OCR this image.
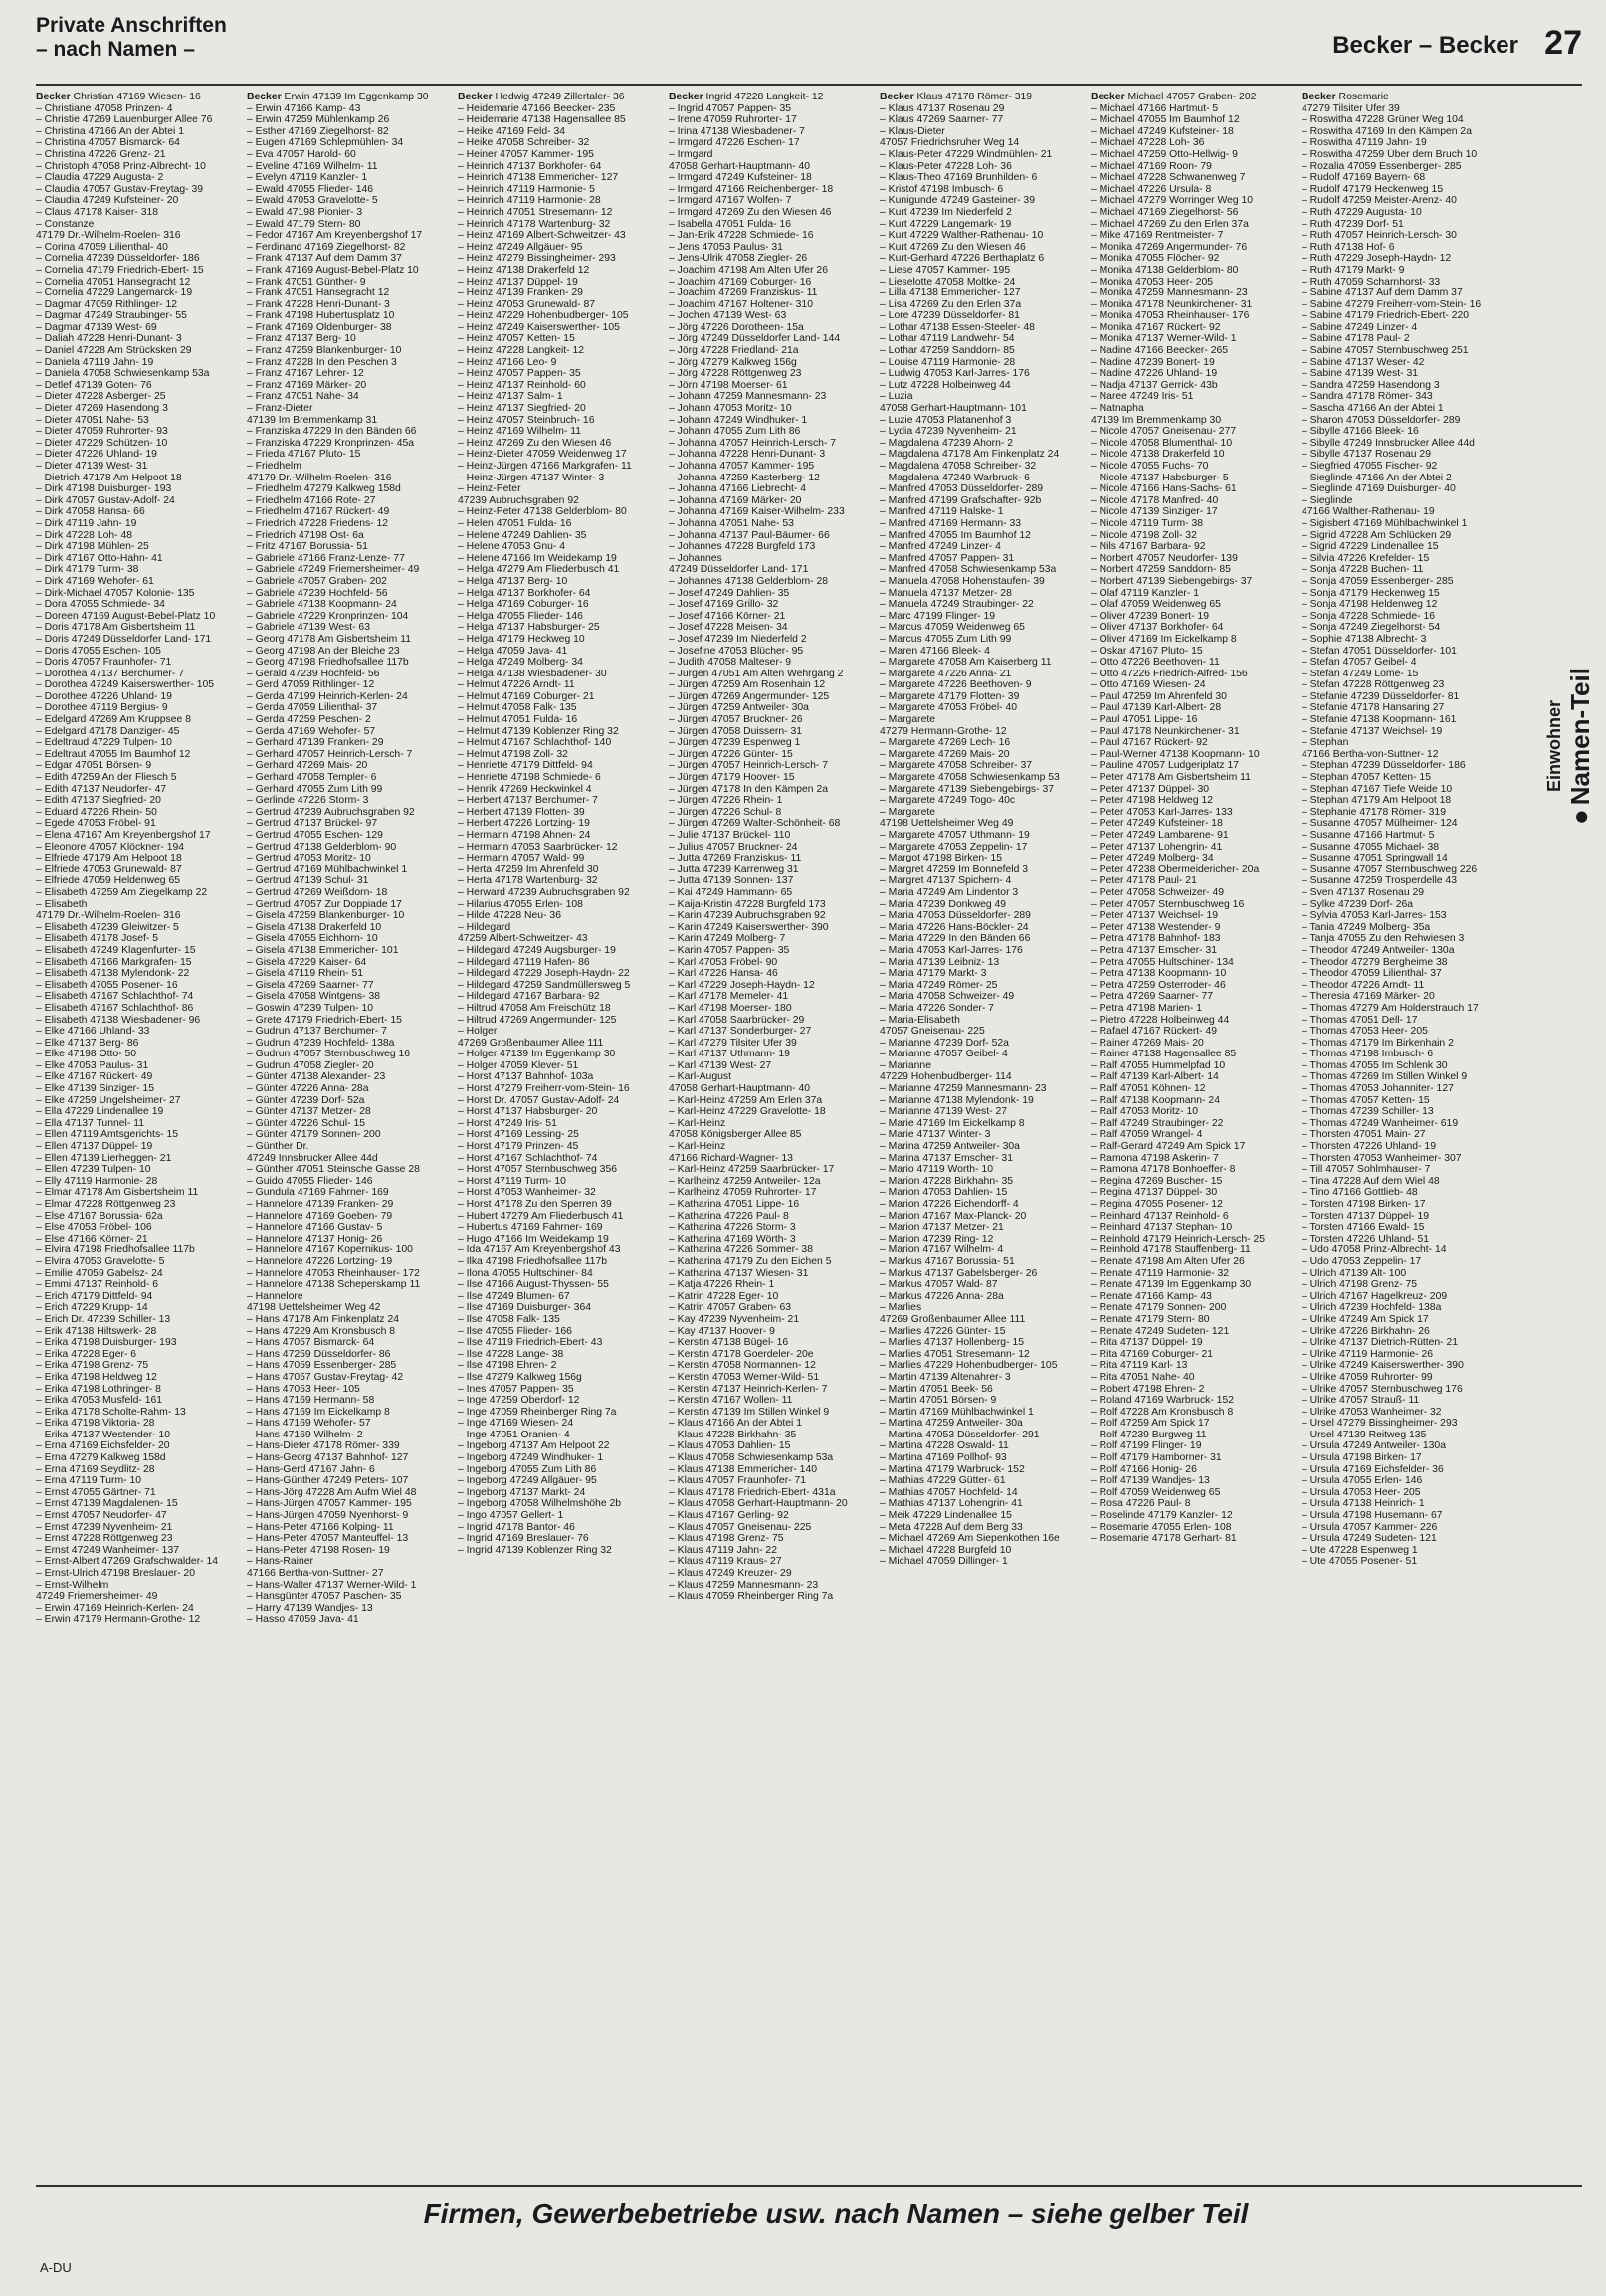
Private Anschriften
– nach Namen –	Becker – Becker 27
Becker Christian 47169 Wiesen- 16
– Christiane 47058 Prinzen- 4
– Christie 47269 Lauenburger Allee 76
– Christina 47166 An der Abtei 1
– Christina 47057 Bismarck- 64
– Christina 47226 Grenz- 21
– Christoph 47058 Prinz-Albrecht- 10
– Claudia 47229 Augusta- 2
– Claudia 47057 Gustav-Freytag- 39
– Claudia 47249 Kufsteiner- 20
– Claus 47178 Kaiser- 318
– Constanze
47179 Dr.-Wilhelm-Roelen- 316
– Corina 47059 Lilienthal- 40
– Cornelia 47239 Düsseldorfer- 186
– Cornelia 47179 Friedrich-Ebert- 15
– Cornelia 47051 Hansegracht 12
– Cornelia 47229 Langemarck- 19
– Dagmar 47059 Rithlinger- 12
– Dagmar 47249 Straubinger- 55
– Dagmar 47139 West- 69
– Daliah 47228 Henri-Dunant- 3
– Daniel 47228 Am Strücksken 29
– Daniela 47119 Jahn- 19
– Daniela 47058 Schwiesenkamp 53a
– Detlef 47139 Goten- 76
– Dieter 47228 Asberger- 25
– Dieter 47269 Hasendong 3
– Dieter 47051 Nahe- 53
– Dieter 47059 Ruhrorter- 93
– Dieter 47229 Schützen- 10
– Dieter 47226 Uhland- 19
– Dieter 47139 West- 31
– Dietrich 47178 Am Helpoot 18
– Dirk 47198 Duisburger- 193
– Dirk 47057 Gustav-Adolf- 24
– Dirk 47058 Hansa- 66
– Dirk 47119 Jahn- 19
– Dirk 47228 Loh- 48
– Dirk 47198 Mühlen- 25
– Dirk 47167 Otto-Hahn- 41
– Dirk 47179 Turm- 38
– Dirk 47169 Wehofer- 61
– Dirk-Michael 47057 Kolonie- 135
– Dora 47055 Schmiede- 34
– Doreen 47169 August-Bebel-Platz 10
– Doris 47178 Am Gisbertsheim 11
– Doris 47249 Düsseldorfer Land- 171
– Doris 47055 Eschen- 105
– Doris 47057 Fraunhofer- 71
– Dorothea 47137 Berchumer- 7
– Dorothea 47249 Kaiserswerther- 105
– Dorothee 47226 Uhland- 19
– Dorothee 47119 Bergius- 9
– Edelgard 47269 Am Kruppsee 8
– Edelgard 47178 Danziger- 45
– Edeltraud 47229 Tulpen- 10
– Edeltraut 47055 Im Baumhof 12
– Edgar 47051 Börsen- 9
– Edith 47259 An der Fliesch 5
– Edith 47137 Neudorfer- 47
– Edith 47137 Siegfried- 20
– Eduard 47226 Rhein- 50
– Egede 47053 Fröbel- 91
– Elena 47167 Am Kreyenbergshof 17
– Eleonore 47057 Klöckner- 194
– Elfriede 47179 Am Helpoot 18
– Elfriede 47053 Grunewald- 87
– Elfriede 47059 Heldenweg 65
– Elisabeth 47259 Am Ziegelkamp 22
– Elisabeth
47179 Dr.-Wilhelm-Roelen- 316
– Elisabeth 47239 Gleiwitzer- 5
– Elisabeth 47178 Josef- 5
– Elisabeth 47249 Klagenfurter- 15
– Elisabeth 47166 Markgrafen- 15
– Elisabeth 47138 Mylendonk- 22
– Elisabeth 47055 Posener- 16
– Elisabeth 47167 Schlachthof- 74
– Elisabeth 47167 Schlachthof- 86
– Elisabeth 47138 Wiesbadener- 96
– Elke 47166 Uhland- 33
– Elke 47137 Berg- 86
– Elke 47198 Otto- 50
– Elke 47053 Paulus- 31
– Elke 47167 Rückert- 49
– Elke 47139 Sinziger- 15
– Elke 47259 Ungelsheimer- 27
– Ella 47229 Lindenallee 19
– Ella 47137 Tunnel- 11
– Ellen 47119 Amtsgerichts- 15
– Ellen 47137 Düppel- 19
– Ellen 47139 Lierheggen- 21
– Ellen 47239 Tulpen- 10
– Elly 47119 Harmonie- 28
– Elmar 47178 Am Gisbertsheim 11
– Elmar 47228 Röttgenweg 23
– Else 47167 Borussia- 62a
– Else 47053 Fröbel- 106
– Else 47166 Körner- 21
– Elvira 47198 Friedhofsallee 117b
– Elvira 47053 Gravelotte- 5
– Emilie 47059 Gabelsz- 24
– Emmi 47137 Reinhold- 6
– Erich 47179 Dittfeld- 94
– Erich 47229 Krupp- 14
– Erich Dr. 47239 Schiller- 13
– Erik 47138 Hiltswerk- 28
– Erika 47198 Duisburger- 193
– Erika 47228 Eger- 6
– Erika 47198 Grenz- 75
– Erika 47198 Heldweg 12
– Erika 47198 Lothringer- 8
– Erika 47053 Musfeld- 161
– Erika 47178 Scholte-Rahm- 13
– Erika 47198 Viktoria- 28
– Erika 47137 Westender- 10
– Erna 47169 Eichsfelder- 20
– Erna 47279 Kalkweg 158d
– Erna 47169 Seydlitz- 28
– Erna 47119 Turm- 10
– Ernst 47055 Gärtner- 71
– Ernst 47139 Magdalenen- 15
– Ernst 47057 Neudorfer- 47
– Ernst 47239 Nyvenheim- 21
– Ernst 47228 Röttgenweg 23
– Ernst 47249 Wanheimer- 137
– Ernst-Albert 47269 Grafschwalder- 14
– Ernst-Ulrich 47198 Breslauer- 20
– Ernst-Wilhelm
47249 Friemersheimer- 49
– Erwin 47169 Heinrich-Kerlen- 24
– Erwin 47179 Hermann-Grothe- 12
Becker Erwin 47139 Im Eggenkamp 30
– Erwin 47166 Kamp- 43
– Erwin 47259 Mühlenkamp 26
– Esther 47169 Ziegelhorst- 82
– Eugen 47169 Schlepmühlen- 34
– Eva 47057 Harold- 60
– Eveline 47169 Wilhelm- 11
– Evelyn 47119 Kanzler- 1
– Ewald 47055 Flieder- 146
– Ewald 47053 Gravelotte- 5
– Ewald 47198 Pionier- 3
– Ewald 47179 Stern- 80
– Fedor 47167 Am Kreyenbergshof 17
– Ferdinand 47169 Ziegelhorst- 82
– Frank 47137 Auf dem Damm 37
– Frank 47169 August-Bebel-Platz 10
– Frank 47051 Günther- 9
– Frank 47051 Hansegracht 12
– Frank 47228 Henri-Dunant- 3
– Frank 47198 Hubertusplatz 10
– Frank 47169 Oldenburger- 38
– Franz 47137 Berg- 10
– Franz 47259 Blankenburger- 10
– Franz 47228 In den Peschen 3
– Franz 47167 Lehrer- 12
– Franz 47169 Märker- 20
– Franz 47051 Nahe- 34
– Franz-Dieter
47139 Im Bremmenkamp 31
– Franziska 47229 In den Bänden 66
– Franziska 47229 Kronprinzen- 45a
– Frieda 47167 Pluto- 15
– Friedhelm
47179 Dr.-Wilhelm-Roelen- 316
– Friedhelm 47279 Kalkweg 158d
– Friedhelm 47166 Rote- 27
– Friedhelm 47167 Rückert- 49
– Friedrich 47228 Friedens- 12
– Friedrich 47198 Ost- 6a
– Fritz 47167 Borussia- 51
– Gabriele 47166 Franz-Lenze- 77
– Gabriele 47249 Friemersheimer- 49
– Gabriele 47057 Graben- 202
– Gabriele 47239 Hochfeld- 56
– Gabriele 47138 Koopmann- 24
– Gabriele 47229 Kronprinzen- 104
– Gabriele 47139 West- 63
– Georg 47178 Am Gisbertsheim 11
– Georg 47198 An der Bleiche 23
– Georg 47198 Friedhofsallee 117b
– Gerald 47239 Hochfeld- 56
– Gerd 47059 Rithlinger- 12
– Gerda 47199 Heinrich-Kerlen- 24
– Gerda 47059 Lilienthal- 37
– Gerda 47259 Peschen- 2
– Gerda 47169 Wehofer- 57
– Gerhard 47139 Franken- 29
– Gerhard 47057 Heinrich-Lersch- 7
– Gerhard 47269 Mais- 20
– Gerhard 47058 Templer- 6
– Gerhard 47055 Zum Lith 99
– Gerlinde 47226 Storm- 3
– Gertrud 47239 Aubruchsgraben 92
– Gertrud 47137 Brückel- 97
– Gertrud 47055 Eschen- 129
– Gertrud 47138 Gelderblom- 90
– Gertrud 47053 Moritz- 10
– Gertrud 47169 Mühlbachwinkel 1
– Gertrud 47139 Schul- 31
– Gertrud 47269 Weißdorn- 18
– Gertrud 47057 Zur Doppiade 17
– Gisela 47259 Blankenburger- 10
– Gisela 47138 Drakerfeld 10
– Gisela 47055 Eichhorn- 10
– Gisela 47138 Emmericher- 101
– Gisela 47229 Kaiser- 64
– Gisela 47119 Rhein- 51
– Gisela 47269 Saarner- 77
– Gisela 47058 Wintgens- 38
– Goswin 47239 Tulpen- 10
– Grete 47179 Friedrich-Ebert- 15
– Gudrun 47137 Berchumer- 7
– Gudrun 47239 Hochfeld- 138a
– Gudrun 47057 Sternbuschweg 16
– Gudrun 47058 Ziegler- 20
– Günter 47138 Alexander- 23
– Günter 47226 Anna- 28a
– Günter 47239 Dorf- 52a
– Günter 47137 Metzer- 28
– Günter 47226 Schul- 15
– Günter 47179 Sonnen- 200
– Günther Dr.
47249 Innsbrucker Allee 44d
– Günther 47051 Steinsche Gasse 28
– Guido 47055 Flieder- 146
– Gundula 47169 Fahrner- 169
– Hannelore 47139 Franken- 29
– Hannelore 47169 Goeben- 79
– Hannelore 47166 Gustav- 5
– Hannelore 47137 Honig- 26
– Hannelore 47167 Kopernikus- 100
– Hannelore 47226 Lortzing- 19
– Hannelore 47053 Rheinhauser- 172
– Hannelore 47138 Scheperskamp 11
– Hannelore
47198 Uettelsheimer Weg 42
– Hans 47178 Am Finkenplatz 24
– Hans 47229 Am Kronsbusch 8
– Hans 47057 Bismarck- 64
– Hans 47259 Düsseldorfer- 86
– Hans 47059 Essenberger- 285
– Hans 47057 Gustav-Freytag- 42
– Hans 47053 Heer- 105
– Hans 47169 Hermann- 58
– Hans 47169 Im Eickelkamp 8
– Hans 47169 Wehofer- 57
– Hans 47169 Wilhelm- 2
– Hans-Dieter 47178 Römer- 339
– Hans-Georg 47137 Bahnhof- 127
– Hans-Gerd 47167 Jahn- 6
– Hans-Günther 47249 Peters- 107
– Hans-Jörg 47228 Am Aufm Wiel 48
– Hans-Jürgen 47057 Kammer- 195
– Hans-Jürgen 47059 Nyenhorst- 9
– Hans-Peter 47166 Kolping- 11
– Hans-Peter 47057 Manteuffel- 13
– Hans-Peter 47198 Rosen- 19
– Hans-Rainer
47166 Bertha-von-Suttner- 27
– Hans-Walter 47137 Werner-Wild- 1
– Hansgünter 47057 Paschen- 35
– Harry 47139 Wandjes- 13
– Hasso 47059 Java- 41
Becker Hedwig 47249 Zillertaler- 36
– Heidemarie 47166 Beecker- 235
– Heidemarie 47138 Hagensallee 85
– Heike 47169 Feld- 34
– Heike 47058 Schreiber- 32
– Heiner 47057 Kammer- 195
– Heinrich 47137 Borkhofer- 64
– Heinrich 47138 Emmericher- 127
– Heinrich 47119 Harmonie- 5
– Heinrich 47119 Harmonie- 28
– Heinrich 47051 Stresemann- 12
– Heinrich 47178 Wartenburg- 32
– Heinz 47169 Albert-Schweitzer- 43
– Heinz 47249 Allgäuer- 95
– Heinz 47279 Bissingheimer- 293
– Heinz 47138 Drakerfeld 12
– Heinz 47137 Düppel- 19
– Heinz 47139 Franken- 29
– Heinz 47053 Grunewald- 87
– Heinz 47229 Hohenbudberger- 105
– Heinz 47249 Kaiserswerther- 105
– Heinz 47057 Ketten- 15
– Heinz 47228 Langkeit- 12
– Heinz 47166 Leo- 9
– Heinz 47057 Pappen- 35
– Heinz 47137 Reinhold- 60
– Heinz 47137 Salm- 1
– Heinz 47137 Siegfried- 20
– Heinz 47057 Steinbruch- 16
– Heinz 47169 Wilhelm- 11
– Heinz 47269 Zu den Wiesen 46
– Heinz-Dieter 47059 Weidenweg 17
– Heinz-Jürgen 47166 Markgrafen- 11
– Heinz-Jürgen 47137 Winter- 3
– Heinz-Peter
47239 Aubruchsgraben 92
– Heinz-Peter 47138 Gelderblom- 80
– Helen 47051 Fulda- 16
– Helene 47249 Dahlien- 35
– Helene 47053 Gnu- 4
– Helene 47166 Im Weidekamp 19
– Helga 47279 Am Fliederbusch 41
– Helga 47137 Berg- 10
– Helga 47137 Borkhofer- 64
– Helga 47169 Coburger- 16
– Helga 47055 Flieder- 146
– Helga 47137 Habsburger- 25
– Helga 47179 Heckweg 10
– Helga 47059 Java- 41
– Helga 47249 Molberg- 34
– Helga 47138 Wiesbadener- 30
– Helmut 47226 Arndt- 11
– Helmut 47169 Coburger- 21
– Helmut 47058 Falk- 135
– Helmut 47051 Fulda- 16
– Helmut 47139 Koblenzer Ring 32
– Helmut 47167 Schlachthof- 140
– Helmut 47198 Zoll- 32
– Henriette 47179 Dittfeld- 94
– Henriette 47198 Schmiede- 6
– Henrik 47269 Heckwinkel 4
– Herbert 47137 Berchumer- 7
– Herbert 47139 Flotten- 39
– Herbert 47226 Lortzing- 19
– Hermann 47198 Ahnen- 24
– Hermann 47053 Saarbrücker- 12
– Hermann 47057 Wald- 99
– Herta 47259 Im Ahrenfeld 30
– Herta 47178 Wartenburg- 32
– Herward 47239 Aubruchsgraben 92
– Hilarius 47055 Erlen- 108
– Hilde 47228 Neu- 36
– Hildegard
47259 Albert-Schweitzer- 43
– Hildegard 47249 Augsburger- 19
– Hildegard 47119 Hafen- 86
– Hildegard 47229 Joseph-Haydn- 22
– Hildegard 47259 Sandmüllersweg 5
– Hildegard 47167 Barbara- 92
– Hiltrud 47058 Am Freischütz 18
– Hiltrud 47269 Angermunder- 125
– Holger
47269 Großenbaumer Allee 111
– Holger 47139 Im Eggenkamp 30
– Holger 47059 Klever- 51
– Horst 47137 Bahnhof- 103a
– Horst 47279 Freiherr-vom-Stein- 16
– Horst Dr. 47057 Gustav-Adolf- 24
– Horst 47137 Habsburger- 20
– Horst 47249 Iris- 51
– Horst 47169 Lessing- 25
– Horst 47179 Prinzen- 45
– Horst 47167 Schlachthof- 74
– Horst 47057 Sternbuschweg 356
– Horst 47119 Turm- 10
– Horst 47053 Wanheimer- 32
– Horst 47178 Zu den Sperren 39
– Hubert 47279 Am Fliederbusch 41
– Hubertus 47169 Fahrner- 169
– Hugo 47166 Im Weidekamp 19
– Ida 47167 Am Kreyenbergshof 43
– Ilka 47198 Friedhofsallee 117b
– Ilona 47055 Hultschiner- 84
– Ilse 47166 August-Thyssen- 55
– Ilse 47249 Blumen- 67
– Ilse 47169 Duisburger- 364
– Ilse 47058 Falk- 135
– Ilse 47055 Flieder- 166
– Ilse 47119 Friedrich-Ebert- 43
– Ilse 47228 Lange- 38
– Ilse 47198 Ehren- 2
– Ilse 47279 Kalkweg 156g
– Ines 47057 Pappen- 35
– Inge 47259 Oberdorf- 12
– Inge 47059 Rheinberger Ring 7a
– Inge 47169 Wiesen- 24
– Inge 47051 Oranien- 4
– Ingeborg 47137 Am Helpoot 22
– Ingeborg 47249 Windhuker- 1
– Ingeborg 47055 Zum Lith 86
– Ingeborg 47249 Allgäuer- 95
– Ingeborg 47137 Markt- 24
– Ingeborg 47058 Wilhelmshöhe 2b
– Ingo 47057 Gellert- 1
– Ingrid 47178 Bantor- 46
– Ingrid 47169 Breslauer- 76
– Ingrid 47139 Koblenzer Ring 32
Becker Ingrid 47228 Langkeit- 12
– Ingrid 47057 Pappen- 35
– Irene 47059 Ruhrorter- 17
– Irina 47138 Wiesbadener- 7
– Irmgard 47226 Eschen- 17
– Irmgard
47058 Gerhart-Hauptmann- 40
– Irmgard 47249 Kufsteiner- 18
– Irmgard 47166 Reichenberger- 18
– Irmgard 47167 Wolfen- 7
– Irmgard 47269 Zu den Wiesen 46
– Isabella 47051 Fulda- 16
– Jan-Erik 47228 Schmiede- 16
– Jens 47053 Paulus- 31
– Jens-Ulrik 47058 Ziegler- 26
– Joachim 47198 Am Alten Ufer 26
– Joachim 47169 Coburger- 16
– Joachim 47269 Franziskus- 11
– Joachim 47167 Holtener- 310
– Jochen 47139 West- 63
– Jörg 47226 Dorotheen- 15a
– Jörg 47249 Düsseldorfer Land- 144
– Jörg 47228 Friedland- 21a
– Jörg 47279 Kalkweg 156g
– Jörg 47228 Röttgenweg 23
– Jörn 47198 Moerser- 61
– Johann 47259 Mannesmann- 23
– Johann 47053 Moritz- 10
– Johann 47249 Windhuker- 1
– Johann 47055 Zum Lith 86
– Johanna 47057 Heinrich-Lersch- 7
– Johanna 47228 Henri-Dunant- 3
– Johanna 47057 Kammer- 195
– Johanna 47259 Kasterberg- 12
– Johanna 47166 Liebrecht- 4
– Johanna 47169 Märker- 20
– Johanna 47169 Kaiser-Wilhelm- 233
– Johanna 47051 Nahe- 53
– Johanna 47137 Paul-Bäumer- 66
– Johannes 47228 Burgfeld 173
– Johannes
47249 Düsseldorfer Land- 171
– Johannes 47138 Gelderblom- 28
– Josef 47249 Dahlien- 35
– Josef 47169 Grillo- 32
– Josef 47166 Körner- 21
– Josef 47228 Meisen- 34
– Josef 47239 Im Niederfeld 2
– Josefine 47053 Blücher- 95
– Judith 47058 Malteser- 9
– Jürgen 47051 Am Alten Wehrgang 2
– Jürgen 47259 Am Rosenhain 12
– Jürgen 47269 Angermunder- 125
– Jürgen 47259 Antweiler- 30a
– Jürgen 47057 Bruckner- 26
– Jürgen 47058 Duissern- 31
– Jürgen 47239 Espenweg 1
– Jürgen 47226 Günter- 15
– Jürgen 47057 Heinrich-Lersch- 7
– Jürgen 47179 Hoover- 15
– Jürgen 47178 In den Kämpen 2a
– Jürgen 47226 Rhein- 1
– Jürgen 47226 Schul- 8
– Jürgen 47269 Walter-Schönheit- 68
– Julie 47137 Brückel- 110
– Julius 47057 Bruckner- 24
– Jutta 47269 Franziskus- 11
– Jutta 47239 Karrenweg 31
– Jutta 47139 Sonnen- 137
– Kai 47249 Hammann- 65
– Kaija-Kristin 47228 Burgfeld 173
– Karin 47239 Aubruchsgraben 92
– Karin 47249 Kaiserswerther- 390
– Karin 47249 Molberg- 7
– Karin 47057 Pappen- 35
– Karl 47053 Fröbel- 90
– Karl 47226 Hansa- 46
– Karl 47229 Joseph-Haydn- 12
– Karl 47178 Memeler- 41
– Karl 47198 Moerser- 180
– Karl 47058 Saarbrücker- 29
– Karl 47137 Sonderburger- 27
– Karl 47279 Tilsiter Ufer 39
– Karl 47137 Uthmann- 19
– Karl 47139 West- 27
– Karl-August
47058 Gerhart-Hauptmann- 40
– Karl-Heinz 47259 Am Erlen 37a
– Karl-Heinz 47229 Gravelotte- 18
– Karl-Heinz
47058 Königsberger Allee 85
– Karl-Heinz
47166 Richard-Wagner- 13
– Karl-Heinz 47259 Saarbrücker- 17
– Karlheinz 47259 Antweiler- 12a
– Karlheinz 47059 Ruhrorter- 17
– Katharina 47051 Lippe- 16
– Katharina 47226 Paul- 8
– Katharina 47226 Storm- 3
– Katharina 47169 Wörth- 3
– Katharina 47226 Sommer- 38
– Katharina 47179 Zu den Eichen 5
– Katharina 47137 Wiesen- 31
– Katja 47226 Rhein- 1
– Katrin 47228 Eger- 10
– Katrin 47057 Graben- 63
– Kay 47239 Nyvenheim- 21
– Kay 47137 Hoover- 9
– Kerstin 47138 Bügel- 16
– Kerstin 47178 Goerdeler- 20e
– Kerstin 47058 Normannen- 12
– Kerstin 47053 Werner-Wild- 51
– Kerstin 47137 Heinrich-Kerlen- 7
– Kerstin 47167 Wollen- 11
– Kerstin 47139 Im Stillen Winkel 9
– Klaus 47166 An der Abtei 1
– Klaus 47228 Birkhahn- 35
– Klaus 47053 Dahlien- 15
– Klaus 47058 Schwiesenkamp 53a
– Klaus 47138 Emmericher- 140
– Klaus 47057 Fraunhofer- 71
– Klaus 47178 Friedrich-Ebert- 431a
– Klaus 47058 Gerhart-Hauptmann- 20
– Klaus 47167 Gerling- 92
– Klaus 47057 Gneisenau- 225
– Klaus 47198 Grenz- 75
– Klaus 47119 Jahn- 22
– Klaus 47119 Kraus- 27
– Klaus 47249 Kreuzer- 29
– Klaus 47259 Mannesmann- 23
– Klaus 47059 Rheinberger Ring 7a
Becker Klaus 47178 Römer- 319
– Klaus 47137 Rosenau 29
– Klaus 47269 Saarner- 77
– Klaus-Dieter
47057 Friedrichsruher Weg 14
– Klaus-Peter 47229 Windmühlen- 21
– Klaus-Peter 47228 Loh- 36
– Klaus-Theo 47169 Brunhilden- 6
– Kristof 47198 Imbusch- 6
– Kunigunde 47249 Gasteiner- 39
– Kurt 47239 Im Niederfeld 2
– Kurt 47229 Langemark- 19
– Kurt 47229 Walther-Rathenau- 10
– Kurt 47269 Zu den Wiesen 46
– Kurt-Gerhard 47226 Berthaplatz 6
– Liese 47057 Kammer- 195
– Lieselotte 47058 Moltke- 24
– Lilla 47138 Emmericher- 127
– Lisa 47269 Zu den Erlen 37a
– Lore 47239 Düsseldorfer- 81
– Lothar 47138 Essen-Steeler- 48
– Lothar 47119 Landwehr- 54
– Lothar 47259 Sanddorn- 85
– Louise 47119 Harmonie- 28
– Ludwig 47053 Karl-Jarres- 176
– Lutz 47228 Holbeinweg 44
– Luzia
47058 Gerhart-Hauptmann- 101
– Luzie 47053 Platanenhof 3
– Lydia 47239 Nyvenheim- 21
– Magdalena 47239 Ahorn- 2
– Magdalena 47178 Am Finkenplatz 24
– Magdalena 47058 Schreiber- 32
– Magdalena 47249 Warbruck- 6
– Manfred 47053 Düsseldorfer- 289
– Manfred 47199 Grafschafter- 92b
– Manfred 47119 Halske- 1
– Manfred 47169 Hermann- 33
– Manfred 47055 Im Baumhof 12
– Manfred 47249 Linzer- 4
– Manfred 47057 Pappen- 31
– Manfred 47058 Schwiesenkamp 53a
– Manuela 47058 Hohenstaufen- 39
– Manuela 47137 Metzer- 28
– Manuela 47249 Straubinger- 22
– Marc 47199 Flinger- 19
– Marcus 47059 Weidenweg 65
– Marcus 47055 Zum Lith 99
– Maren 47166 Bleek- 4
– Margarete 47058 Am Kaiserberg 11
– Margarete 47226 Anna- 21
– Margarete 47226 Beethoven- 9
– Margarete 47179 Flotten- 39
– Margarete 47053 Fröbel- 40
– Margarete
47279 Hermann-Grothe- 12
– Margarete 47269 Lech- 16
– Margarete 47269 Mais- 20
– Margarete 47058 Schreiber- 37
– Margarete 47058 Schwiesenkamp 53
– Margarete 47139 Siebengebirgs- 37
– Margarete 47249 Togo- 40c
– Margarete
47198 Uettelsheimer Weg 49
– Margarete 47057 Uthmann- 19
– Margarete 47053 Zeppelin- 17
– Margot 47198 Birken- 15
– Margret 47259 Im Bonnefeld 3
– Margret 47137 Spichern- 4
– Maria 47249 Am Lindentor 3
– Maria 47239 Donkweg 49
– Maria 47053 Düsseldorfer- 289
– Maria 47226 Hans-Böckler- 24
– Maria 47229 In den Bänden 66
– Maria 47053 Karl-Jarres- 176
– Maria 47139 Leibniz- 13
– Maria 47179 Markt- 3
– Maria 47249 Römer- 25
– Maria 47058 Schweizer- 49
– Maria 47226 Sonder- 7
– Maria-Elisabeth
47057 Gneisenau- 225
– Marianne 47239 Dorf- 52a
– Marianne 47057 Geibel- 4
– Marianne
47229 Hohenbudberger- 114
– Marianne 47259 Mannesmann- 23
– Marianne 47138 Mylendonk- 19
– Marianne 47139 West- 27
– Marie 47169 Im Eickelkamp 8
– Marie 47137 Winter- 3
– Marina 47259 Antweiler- 30a
– Marina 47137 Emscher- 31
– Mario 47119 Worth- 10
– Marion 47228 Birkhahn- 35
– Marion 47053 Dahlien- 15
– Marion 47226 Eichendorff- 4
– Marion 47167 Max-Planck- 20
– Marion 47137 Metzer- 21
– Marion 47239 Ring- 12
– Marion 47167 Wilhelm- 4
– Markus 47167 Borussia- 51
– Markus 47137 Gabelsberger- 26
– Markus 47057 Wald- 87
– Markus 47226 Anna- 28a
– Marlies
47269 Großenbaumer Allee 111
– Marlies 47226 Günter- 15
– Marlies 47137 Hollenberg- 15
– Marlies 47051 Stresemann- 12
– Marlies 47229 Hohenbudberger- 105
– Martin 47139 Altenahrer- 3
– Martin 47051 Beek- 56
– Martin 47051 Börsen- 9
– Martin 47169 Mühlbachwinkel 1
– Martina 47259 Antweiler- 30a
– Martina 47053 Düsseldorfer- 291
– Martina 47228 Oswald- 11
– Martina 47169 Pollhof- 93
– Martina 47179 Warbruck- 152
– Mathias 47229 Gütter- 61
– Mathias 47057 Hochfeld- 14
– Mathias 47137 Lohengrin- 41
– Meik 47229 Lindenallee 15
– Meta 47228 Auf dem Berg 33
– Michael 47269 Am Siepenkothen 16e
– Michael 47228 Burgfeld 10
– Michael 47059 Dillinger- 1
Becker Michael 47057 Graben- 202
– Michael 47166 Hartmut- 5
– Michael 47055 Im Baumhof 12
– Michael 47249 Kufsteiner- 18
– Michael 47228 Loh- 36
– Michael 47259 Otto-Hellwig- 9
– Michael 47169 Roon- 79
– Michael 47228 Schwanenweg 7
– Michael 47226 Ursula- 8
– Michael 47279 Worringer Weg 10
– Michael 47169 Ziegelhorst- 56
– Michael 47269 Zu den Erlen 37a
– Mike 47169 Rentmeister- 7
– Monika 47269 Angermunder- 76
– Monika 47055 Flöcher- 92
– Monika 47138 Gelderblom- 80
– Monika 47053 Heer- 205
– Monika 47259 Mannesmann- 23
– Monika 47178 Neunkirchener- 31
– Monika 47053 Rheinhauser- 176
– Monika 47167 Rückert- 92
– Monika 47137 Werner-Wild- 1
– Nadine 47166 Beecker- 265
– Nadine 47239 Bonert- 19
– Nadine 47226 Uhland- 19
– Nadja 47137 Gerrick- 43b
– Naree 47249 Iris- 51
– Natnapha
47139 Im Bremmenkamp 30
– Nicole 47057 Gneisenau- 277
– Nicole 47058 Blumenthal- 10
– Nicole 47138 Drakerfeld 10
– Nicole 47055 Fuchs- 70
– Nicole 47137 Habsburger- 5
– Nicole 47166 Hans-Sachs- 61
– Nicole 47178 Manfred- 40
– Nicole 47139 Sinziger- 17
– Nicole 47119 Turm- 38
– Nicole 47198 Zoll- 32
– Nils 47167 Barbara- 92
– Norbert 47057 Neudorfer- 139
– Norbert 47259 Sanddorn- 85
– Norbert 47139 Siebengebirgs- 37
– Olaf 47119 Kanzler- 1
– Olaf 47059 Weidenweg 65
– Oliver 47239 Bonert- 19
– Oliver 47137 Borkhofer- 64
– Oliver 47169 Im Eickelkamp 8
– Oskar 47167 Pluto- 15
– Otto 47226 Beethoven- 11
– Otto 47226 Friedrich-Alfred- 156
– Otto 47169 Wiesen- 24
– Paul 47259 Im Ahrenfeld 30
– Paul 47139 Karl-Albert- 28
– Paul 47051 Lippe- 16
– Paul 47178 Neunkirchener- 31
– Paul 47167 Rückert- 92
– Paul-Werner 47138 Koopmann- 10
– Pauline 47057 Ludgeriplatz 17
– Peter 47178 Am Gisbertsheim 11
– Peter 47137 Düppel- 30
– Peter 47198 Heldweg 12
– Peter 47053 Karl-Jarres- 133
– Peter 47249 Kufsteiner- 18
– Peter 47249 Lambarene- 91
– Peter 47137 Lohengrin- 41
– Peter 47249 Molberg- 34
– Peter 47238 Obermeidericher- 20a
– Peter 47178 Paul- 21
– Peter 47058 Schweizer- 49
– Peter 47057 Sternbuschweg 16
– Peter 47137 Weichsel- 19
– Peter 47138 Westender- 9
– Petra 47178 Bahnhof- 183
– Petra 47137 Emscher- 31
– Petra 47055 Hultschiner- 134
– Petra 47138 Koopmann- 10
– Petra 47259 Osterroder- 46
– Petra 47269 Saarner- 77
– Petra 47198 Marien- 1
– Pietro 47228 Holbeinweg 44
– Rafael 47167 Rückert- 49
– Rainer 47269 Mais- 20
– Rainer 47138 Hagensallee 85
– Ralf 47055 Hummelpfad 10
– Ralf 47139 Karl-Albert- 14
– Ralf 47051 Köhnen- 12
– Ralf 47138 Koopmann- 24
– Ralf 47053 Moritz- 10
– Ralf 47249 Straubinger- 22
– Ralf 47059 Wrangel- 4
– Ralf-Gerard 47249 Am Spick 17
– Ramona 47198 Askerin- 7
– Ramona 47178 Bonhoeffer- 8
– Regina 47269 Buscher- 15
– Regina 47137 Düppel- 30
– Regina 47055 Posener- 12
– Reinhard 47137 Reinhold- 6
– Reinhard 47137 Stephan- 10
– Reinhold 47179 Heinrich-Lersch- 25
– Reinhold 47178 Stauffenberg- 11
– Renate 47198 Am Alten Ufer 26
– Renate 47119 Harmonie- 32
– Renate 47139 Im Eggenkamp 30
– Renate 47166 Kamp- 43
– Renate 47179 Sonnen- 200
– Renate 47179 Stern- 80
– Renate 47249 Sudeten- 121
– Rita 47137 Düppel- 19
– Rita 47169 Coburger- 21
– Rita 47119 Karl- 13
– Rita 47051 Nahe- 40
– Robert 47198 Ehren- 2
– Roland 47169 Warbruck- 152
– Rolf 47228 Am Kronsbusch 8
– Rolf 47259 Am Spick 17
– Rolf 47239 Burgweg 11
– Rolf 47199 Flinger- 19
– Rolf 47179 Hamborner- 31
– Rolf 47166 Honig- 26
– Rolf 47139 Wandjes- 13
– Rolf 47059 Weidenweg 65
– Rosa 47226 Paul- 8
– Roselinde 47179 Kanzler- 12
– Rosemarie 47055 Erlen- 108
– Rosemarie 47178 Gerhart- 81
Becker Rosemarie
47279 Tilsiter Ufer 39
– Roswitha 47228 Grüner Weg 104
– Roswitha 47169 In den Kämpen 2a
– Roswitha 47119 Jahn- 19
– Roswitha 47259 Über dem Bruch 10
– Rozalia 47059 Essenberger- 285
– Rudolf 47169 Bayern- 68
– Rudolf 47179 Heckenweg 15
– Rudolf 47259 Meister-Arenz- 40
– Ruth 47229 Augusta- 10
– Ruth 47239 Dorf- 51
– Ruth 47057 Heinrich-Lersch- 30
– Ruth 47138 Hof- 6
– Ruth 47229 Joseph-Haydn- 12
– Ruth 47179 Markt- 9
– Ruth 47059 Scharnhorst- 33
– Sabine 47137 Auf dem Damm 37
– Sabine 47279 Freiherr-vom-Stein- 16
– Sabine 47179 Friedrich-Ebert- 220
– Sabine 47249 Linzer- 4
– Sabine 47178 Paul- 2
– Sabine 47057 Sternbuschweg 251
– Sabine 47137 Weser- 42
– Sabine 47139 West- 31
– Sandra 47259 Hasendong 3
– Sandra 47178 Römer- 343
– Sascha 47166 An der Abtei 1
– Sharon 47053 Düsseldorfer- 289
– Sibylle 47166 Bleek- 16
– Sibylle 47249 Innsbrucker Allee 44d
– Sibylle 47137 Rosenau 29
– Siegfried 47055 Fischer- 92
– Sieglinde 47166 An der Abtei 2
– Sieglinde 47169 Duisburger- 40
– Sieglinde
47166 Walther-Rathenau- 19
– Sigisbert 47169 Mühlbachwinkel 1
– Sigrid 47228 Am Schlücken 29
– Sigrid 47229 Lindenallee 15
– Silvia 47226 Krefelder- 15
– Sonja 47228 Buchen- 11
– Sonja 47059 Essenberger- 285
– Sonja 47179 Heckenweg 15
– Sonja 47198 Heldenweg 12
– Sonja 47228 Schmiede- 16
– Sonja 47249 Ziegelhorst- 54
– Sophie 47138 Albrecht- 3
– Stefan 47051 Düsseldorfer- 101
– Stefan 47057 Geibel- 4
– Stefan 47249 Lome- 15
– Stefan 47228 Röttgenweg 23
– Stefanie 47239 Düsseldorfer- 81
– Stefanie 47178 Hansaring 27
– Stefanie 47138 Koopmann- 161
– Stefanie 47137 Weichsel- 19
– Stephan
47166 Bertha-von-Suttner- 12
– Stephan 47239 Düsseldorfer- 186
– Stephan 47057 Ketten- 15
– Stephan 47167 Tiefe Weide 10
– Stephan 47179 Am Helpoot 18
– Stephanie 47178 Römer- 319
– Susanne 47057 Mülheimer- 124
– Susanne 47166 Hartmut- 5
– Susanne 47055 Michael- 38
– Susanne 47051 Springwall 14
– Susanne 47057 Sternbuschweg 226
– Susanne 47259 Trosperdelle 43
– Sven 47137 Rosenau 29
– Sylke 47239 Dorf- 26a
– Sylvia 47053 Karl-Jarres- 153
– Tania 47249 Molberg- 35a
– Tanja 47055 Zu den Rehwiesen 3
– Theodor 47249 Antweiler- 130a
– Theodor 47279 Bergheime 38
– Theodor 47059 Lilienthal- 37
– Theodor 47226 Arndt- 11
– Theresia 47169 Märker- 20
– Thomas 47279 Am Holderstrauch 17
– Thomas 47051 Dell- 17
– Thomas 47053 Heer- 205
– Thomas 47179 Im Birkenhain 2
– Thomas 47198 Imbusch- 6
– Thomas 47055 Im Schlenk 30
– Thomas 47269 Im Stillen Winkel 9
– Thomas 47053 Johanniter- 127
– Thomas 47057 Ketten- 15
– Thomas 47239 Schiller- 13
– Thomas 47249 Wanheimer- 619
– Thorsten 47051 Main- 27
– Thorsten 47226 Uhland- 19
– Thorsten 47053 Wanheimer- 307
– Till 47057 Sohlmhauser- 7
– Tina 47228 Auf dem Wiel 48
– Tino 47166 Gottlieb- 48
– Torsten 47198 Birken- 17
– Torsten 47137 Düppel- 19
– Torsten 47166 Ewald- 15
– Torsten 47226 Uhland- 51
– Udo 47058 Prinz-Albrecht- 14
– Udo 47053 Zeppelin- 17
– Ulrich 47139 Alt- 100
– Ulrich 47198 Grenz- 75
– Ulrich 47167 Hagelkreuz- 209
– Ulrich 47239 Hochfeld- 138a
– Ulrike 47249 Am Spick 17
– Ulrike 47226 Birkhahn- 26
– Ulrike 47137 Dietrich-Rütten- 21
– Ulrike 47119 Harmonie- 26
– Ulrike 47249 Kaiserswerther- 390
– Ulrike 47059 Ruhrorter- 99
– Ulrike 47057 Sternbuschweg 176
– Ulrike 47057 Strauß- 11
– Ulrike 47053 Wanheimer- 32
– Ursel 47279 Bissingheimer- 293
– Ursel 47139 Reitweg 135
– Ursula 47249 Antweiler- 130a
– Ursula 47198 Birken- 17
– Ursula 47169 Eichsfelder- 36
– Ursula 47055 Erlen- 146
– Ursula 47053 Heer- 205
– Ursula 47138 Heinrich- 1
– Ursula 47198 Husemann- 67
– Ursula 47057 Kammer- 226
– Ursula 47249 Sudeten- 121
– Ute 47228 Espenweg 1
– Ute 47055 Posener- 51
Einwohner
●Namen-Teil
Firmen, Gewerbebetriebe usw. nach Namen – siehe gelber Teil
A-DU
